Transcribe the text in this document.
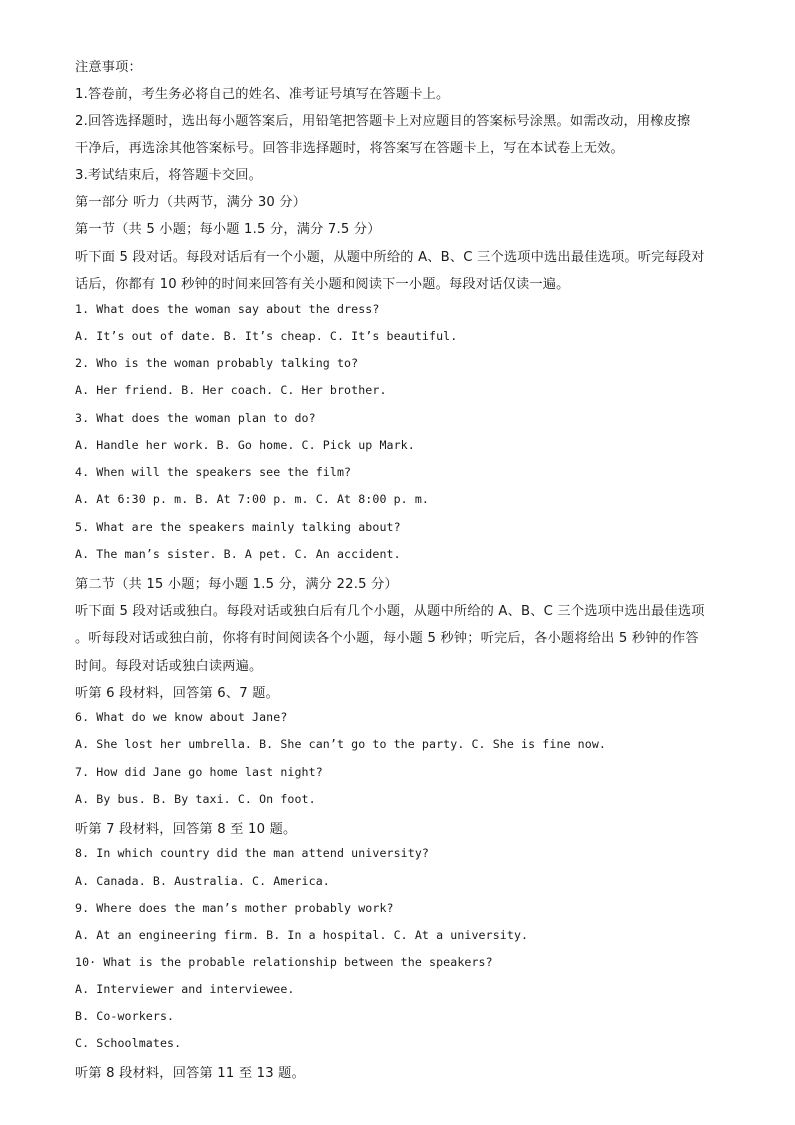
注意事项：

1.答卷前，考生务必将自己的姓名、准考证号填写在答题卡上。

2.回答选择题时，选出每小题答案后，用铅笔把答题卡上对应题目的答案标号涂黑。如需改动，用橡皮擦

干净后，再选涂其他答案标号。回答非选择题时，将答案写在答题卡上，写在本试卷上无效。

3.考试结束后，将答题卡交回。

第一部分 听力（共两节，满分 30 分）

第一节（共 5 小题；每小题 1.5 分，满分 7.5 分）

听下面 5 段对话。每段对话后有一个小题，从题中所给的 A、B、C 三个选项中选出最佳选项。听完每段对

话后，你都有 10 秒钟的时间来回答有关小题和阅读下一小题。每段对话仅读一遍。

1. What does the woman say about the dress?

A. It’s out of date. B. It’s cheap. C. It’s beautiful.

2. Who is the woman probably talking to?

A. Her friend. B. Her coach. C. Her brother.

3. What does the woman plan to do?

A. Handle her work. B. Go home. C. Pick up Mark.

4. When will the speakers see the film?

A. At 6:30 p. m. B. At 7:00 p. m. C. At 8:00 p. m.

5. What are the speakers mainly talking about?

A. The man’s sister. B. A pet. C. An accident.

第二节（共 15 小题；每小题 1.5 分，满分 22.5 分）

听下面 5 段对话或独白。每段对话或独白后有几个小题，从题中所给的 A、B、C 三个选项中选出最佳选项

。听每段对话或独白前，你将有时间阅读各个小题，每小题 5 秒钟；听完后，各小题将给出 5 秒钟的作答

时间。每段对话或独白读两遍。

听第 6 段材料，回答第 6、7 题。

6. What do we know about Jane?

A. She lost her umbrella. B. She can’t go to the party. C. She is fine now.

7. How did Jane go home last night?

A. By bus. B. By taxi. C. On foot.

听第 7 段材料，回答第 8 至 10 题。

8. In which country did the man attend university?

A. Canada. B. Australia. C. America.

9. Where does the man’s mother probably work?

A. At an engineering firm. B. In a hospital. C. At a university.

10· What is the probable relationship between the speakers?

A. Interviewer and interviewee.

B. Co-workers.

C. Schoolmates.

听第 8 段材料，回答第 11 至 13 题。
